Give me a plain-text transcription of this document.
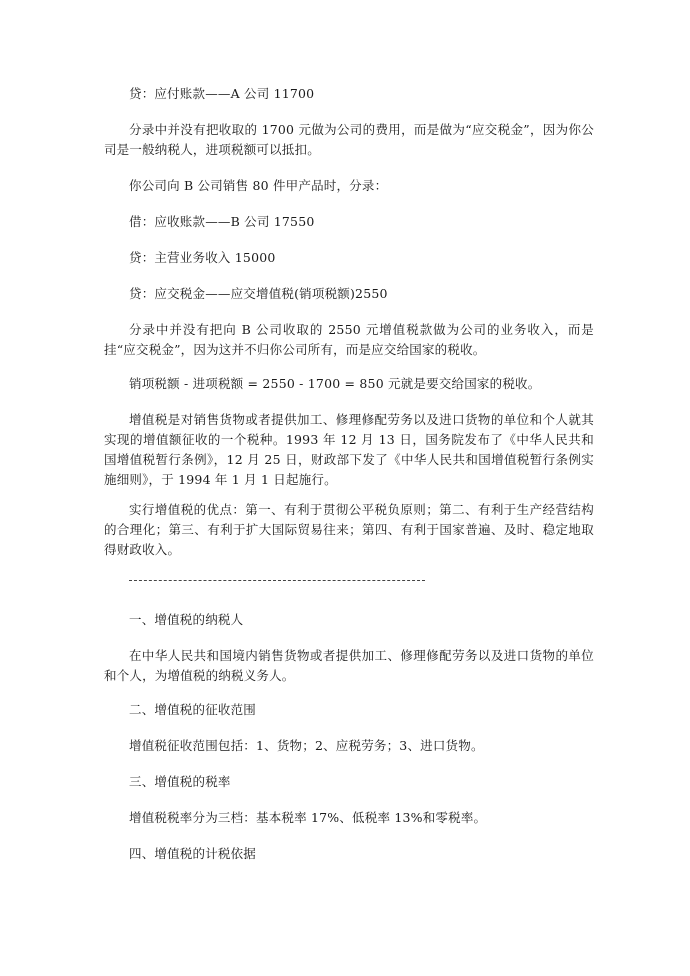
贷：应付账款——A 公司 11700

分录中并没有把收取的 1700 元做为公司的费用，而是做为“应交税金”，因为你公司是一般纳税人，进项税额可以抵扣。

你公司向 B 公司销售 80 件甲产品时，分录：

借：应收账款——B 公司 17550

贷：主营业务收入 15000

贷：应交税金——应交增值税(销项税额)2550

分录中并没有把向 B 公司收取的 2550 元增值税款做为公司的业务收入，而是挂“应交税金”，因为这并不归你公司所有，而是应交给国家的税收。

销项税额 - 进项税额 = 2550 - 1700 = 850 元就是要交给国家的税收。

增值税是对销售货物或者提供加工、修理修配劳务以及进口货物的单位和个人就其实现的增值额征收的一个税种。1993 年 12 月 13 日，国务院发布了《中华人民共和国增值税暂行条例》，12 月 25 日，财政部下发了《中华人民共和国增值税暂行条例实施细则》，于 1994 年 1 月 1 日起施行。

实行增值税的优点：第一、有利于贯彻公平税负原则；第二、有利于生产经营结构的合理化；第三、有利于扩大国际贸易往来；第四、有利于国家普遍、及时、稳定地取得财政收入。

一、增值税的纳税人

在中华人民共和国境内销售货物或者提供加工、修理修配劳务以及进口货物的单位和个人，为增值税的纳税义务人。

二、增值税的征收范围

增值税征收范围包括：1、货物；2、应税劳务；3、进口货物。

三、增值税的税率

增值税税率分为三档：基本税率 17%、低税率 13%和零税率。

四、增值税的计税依据
